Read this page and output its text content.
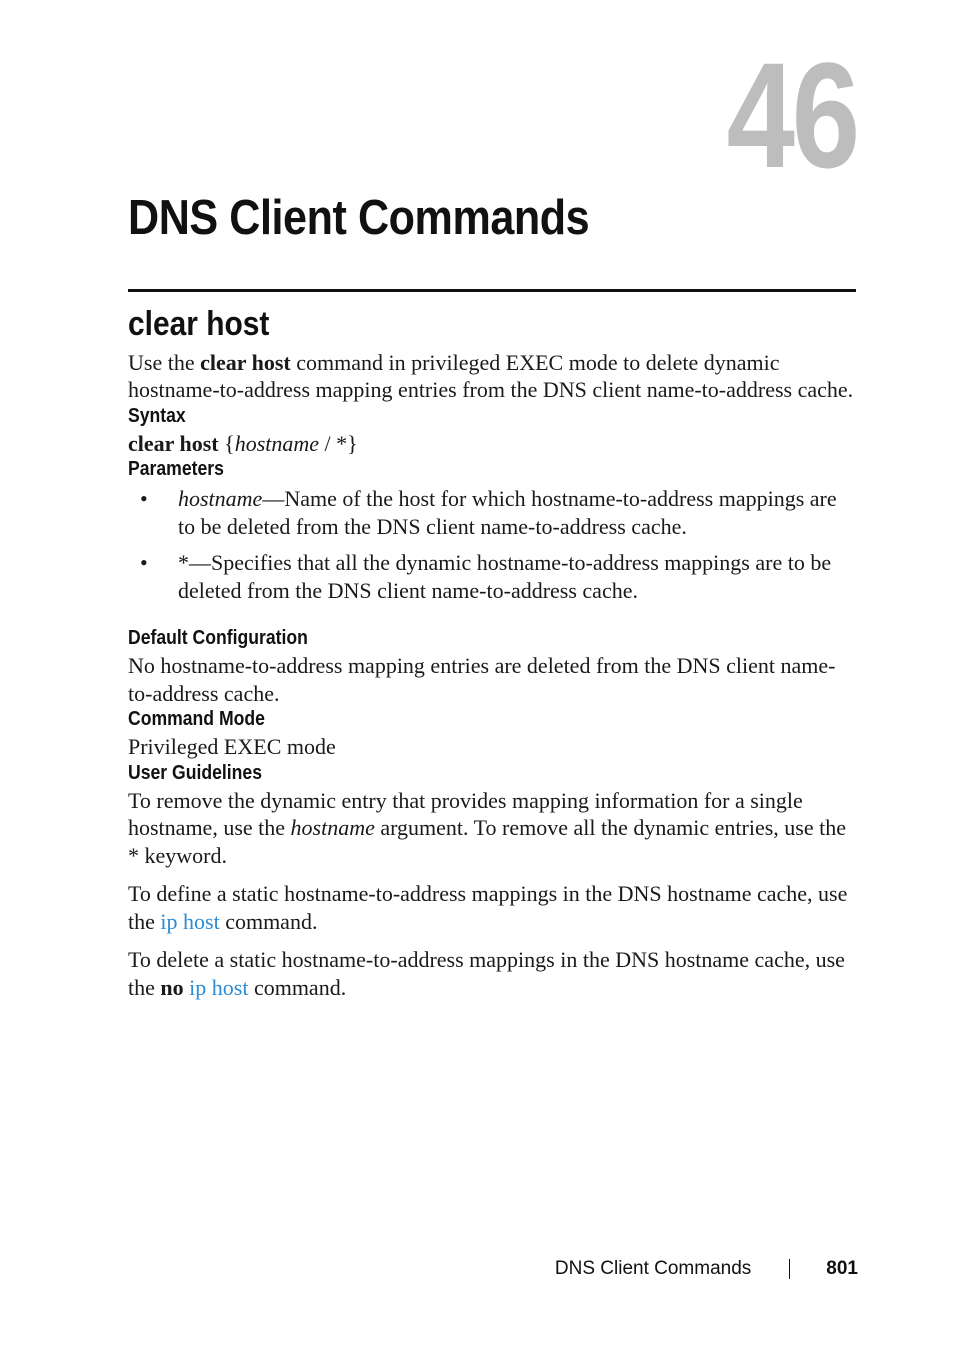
46
DNS Client Commands
clear host

Use the clear host command in privileged EXEC mode to delete dynamic hostname-to-address mapping entries from the DNS client name-to-address cache.

Syntax

clear host {hostname / *}

Parameters
• hostname—Name of the host for which hostname-to-address mappings are to be deleted from the DNS client name-to-address cache.
• *—Specifies that all the dynamic hostname-to-address mappings are to be deleted from the DNS client name-to-address cache.
Default Configuration

No hostname-to-address mapping entries are deleted from the DNS client name-to-address cache.

Command Mode

Privileged EXEC mode

User Guidelines

To remove the dynamic entry that provides mapping information for a single hostname, use the hostname argument. To remove all the dynamic entries, use the * keyword.

To define a static hostname-to-address mappings in the DNS hostname cache, use the ip host command.

To delete a static hostname-to-address mappings in the DNS hostname cache, use the no ip host command.

DNS Client Commands	801
